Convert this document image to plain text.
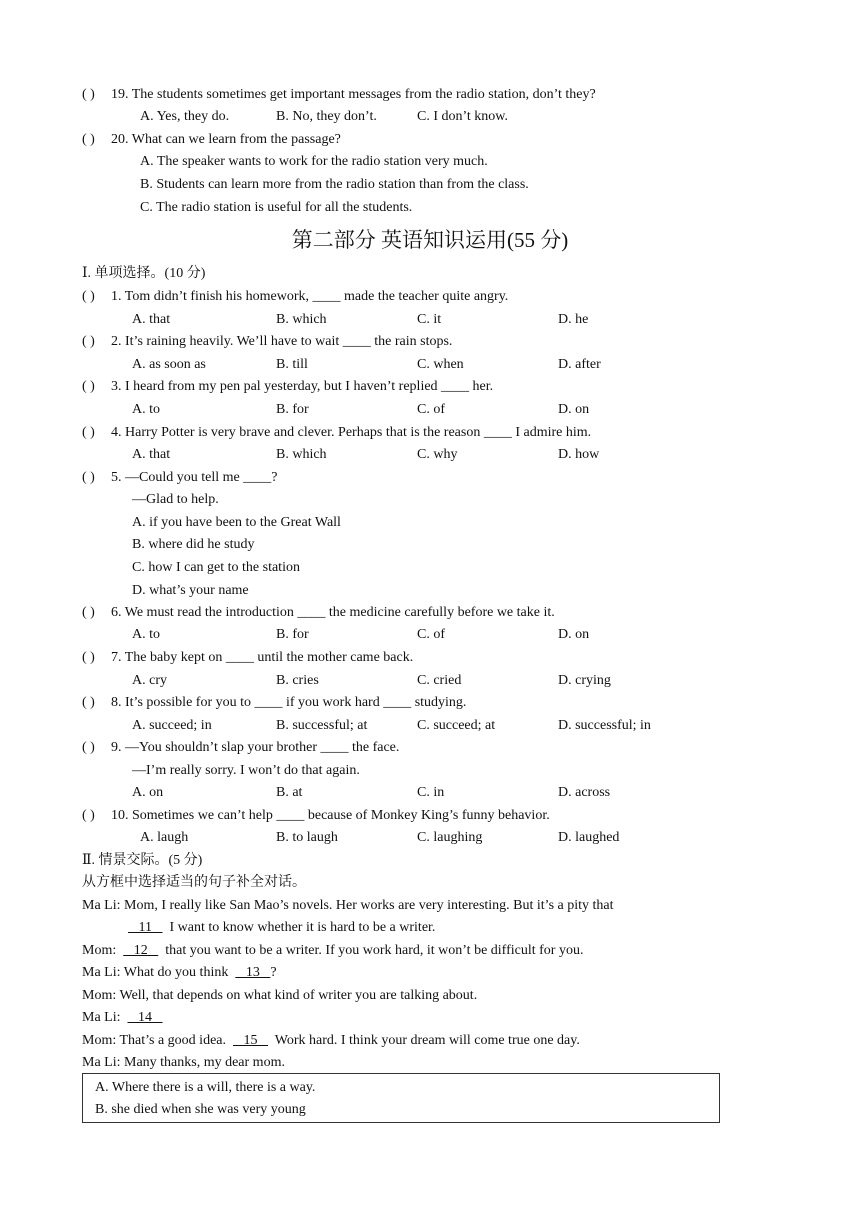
( ) 19. The students sometimes get important messages from the radio station, don’t they?
A. Yes, they do.	B. No, they don’t.	C. I don’t know.
( ) 20. What can we learn from the passage?
A. The speaker wants to work for the radio station very much.
B. Students can learn more from the radio station than from the class.
C. The radio station is useful for all the students.
第二部分 英语知识运用(55 分)
Ⅰ. 单项选择。(10 分)
( ) 1. Tom didn’t finish his homework, ____ made the teacher quite angry.
A. that	B. which	C. it	D. he
( ) 2. It’s raining heavily. We’ll have to wait ____ the rain stops.
A. as soon as	B. till	C. when	D. after
( ) 3. I heard from my pen pal yesterday, but I haven’t replied ____ her.
A. to	B. for	C. of	D. on
( ) 4. Harry Potter is very brave and clever. Perhaps that is the reason ____ I admire him.
A. that	B. which	C. why	D. how
( ) 5. —Could you tell me ____?
—Glad to help.
A. if you have been to the Great Wall
B. where did he study
C. how I can get to the station
D. what’s your name
( ) 6. We must read the introduction ____ the medicine carefully before we take it.
A. to	B. for	C. of	D. on
( ) 7. The baby kept on ____ until the mother came back.
A. cry	B. cries	C. cried	D. crying
( ) 8. It’s possible for you to ____ if you work hard ____ studying.
A. succeed; in	B. successful; at	C. succeed; at	D. successful; in
( ) 9. —You shouldn’t slap your brother ____ the face.
—I’m really sorry. I won’t do that again.
A. on	B. at	C. in	D. across
( ) 10. Sometimes we can’t help ____ because of Monkey King’s funny behavior.
A. laugh	B. to laugh	C. laughing	D. laughed
Ⅱ. 情景交际。(5 分)
从方框中选择适当的句子补全对话。
Ma Li: Mom, I really like San Mao’s novels. Her works are very interesting. But it’s a pity that
11     I want to know whether it is hard to be a writer.
Mom:     12     that you want to be a writer. If you work hard, it won’t be difficult for you.
Ma Li: What do you think     13   ?
Mom: Well, that depends on what kind of writer you are talking about.
Ma Li:     14
Mom: That’s a good idea.     15     Work hard. I think your dream will come true one day.
Ma Li: Many thanks, my dear mom.
A. Where there is a will, there is a way.
B. she died when she was very young
